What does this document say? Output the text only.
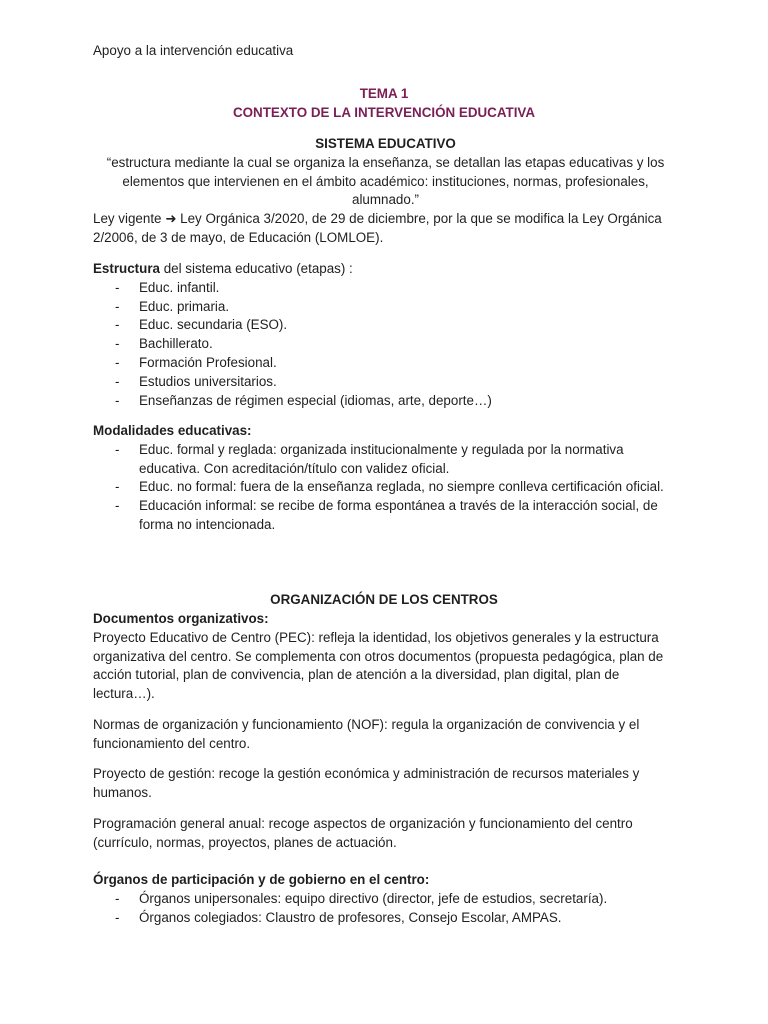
Apoyo a la intervención educativa
TEMA 1
CONTEXTO DE LA INTERVENCIÓN EDUCATIVA
SISTEMA EDUCATIVO

“estructura mediante la cual se organiza la enseñanza, se detallan las etapas educativas y los elementos que intervienen en el ámbito académico: instituciones, normas, profesionales, alumnado.”

Ley vigente ➜ Ley Orgánica 3/2020, de 29 de diciembre, por la que se modifica la Ley Orgánica 2/2006, de 3 de mayo, de Educación (LOMLOE).

Estructura del sistema educativo (etapas) :

- Educ. infantil.
- Educ. primaria.
- Educ. secundaria (ESO).
- Bachillerato.
- Formación Profesional.
- Estudios universitarios.
- Enseñanzas de régimen especial (idiomas, arte, deporte…)

Modalidades educativas:

- Educ. formal y reglada: organizada institucionalmente y regulada por la normativa educativa. Con acreditación/título con validez oficial.
- Educ. no formal: fuera de la enseñanza reglada, no siempre conlleva certificación oficial.
- Educación informal: se recibe de forma espontánea a través de la interacción social, de forma no intencionada.
ORGANIZACIÓN DE LOS CENTROS

Documentos organizativos:

Proyecto Educativo de Centro (PEC): refleja la identidad, los objetivos generales y la estructura organizativa del centro. Se complementa con otros documentos (propuesta pedagógica, plan de acción tutorial, plan de convivencia, plan de atención a la diversidad, plan digital, plan de lectura…).

Normas de organización y funcionamiento (NOF): regula la organización de convivencia y el funcionamiento del centro.
Proyecto de gestión: recoge la gestión económica y administración de recursos materiales y humanos.
Programación general anual: recoge aspectos de organización y funcionamiento del centro (currículo, normas, proyectos, planes de actuación.

Órganos de participación y de gobierno en el centro:

- Órganos unipersonales: equipo directivo (director, jefe de estudios, secretaría).
- Órganos colegiados: Claustro de profesores, Consejo Escolar, AMPAS.
